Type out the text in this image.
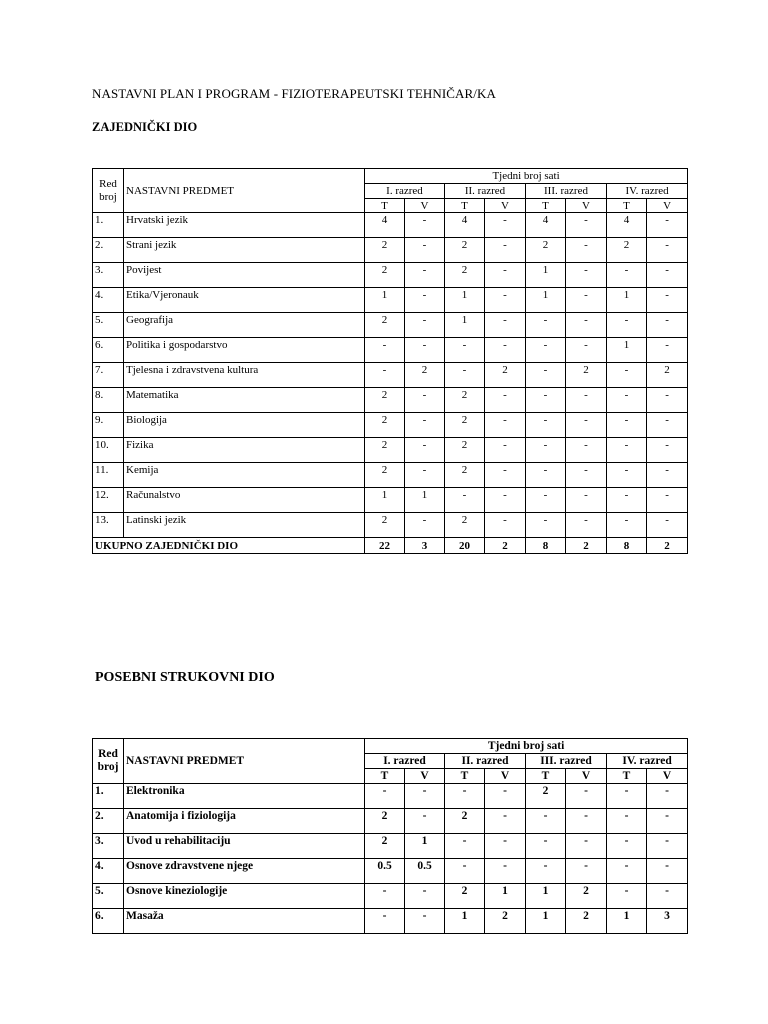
NASTAVNI PLAN I PROGRAM - FIZIOTERAPEUTSKI TEHNIČAR/KA
ZAJEDNIČKI DIO
Red
broj	NASTAVNI PREDMET	Tjedni broj sati							
		I. razred		II. razred		III. razred		IV. razred	
		T	V	T	V	T	V	T	V
1.	Hrvatski jezik	4	-	4	-	4	-	4	-
2.	Strani jezik	2	-	2	-	2	-	2	-
3.	Povijest	2	-	2	-	1	-	-	-
4.	Etika/Vjeronauk	1	-	1	-	1	-	1	-
5.	Geografija	2	-	1	-	-	-	-	-
6.	Politika i gospodarstvo	-	-	-	-	-	-	1	-
7.	Tjelesna i zdravstvena kultura	-	2	-	2	-	2	-	2
8.	Matematika	2	-	2	-	-	-	-	-
9.	Biologija	2	-	2	-	-	-	-	-
10.	Fizika	2	-	2	-	-	-	-	-
11.	Kemija	2	-	2	-	-	-	-	-
12.	Računalstvo	1	1	-	-	-	-	-	-
13.	Latinski jezik	2	-	2	-	-	-	-	-
UKUPNO ZAJEDNIČKI DIO		22	3	20	2	8	2	8	2
POSEBNI STRUKOVNI DIO
Red
broj	NASTAVNI PREDMET	Tjedni broj sati							
		I. razred		II. razred		III. razred		IV. razred	
		T	V	T	V	T	V	T	V
1.	Elektronika	-	-	-	-	2	-	-	-
2.	Anatomija i fiziologija	2	-	2	-	-	-	-	-
3.	Uvod u rehabilitaciju	2	1	-	-	-	-	-	-
4.	Osnove zdravstvene njege	0.5	0.5	-	-	-	-	-	-
5.	Osnove kineziologije	-	-	2	1	1	2	-	-
6.	Masaža	-	-	1	2	1	2	1	3
